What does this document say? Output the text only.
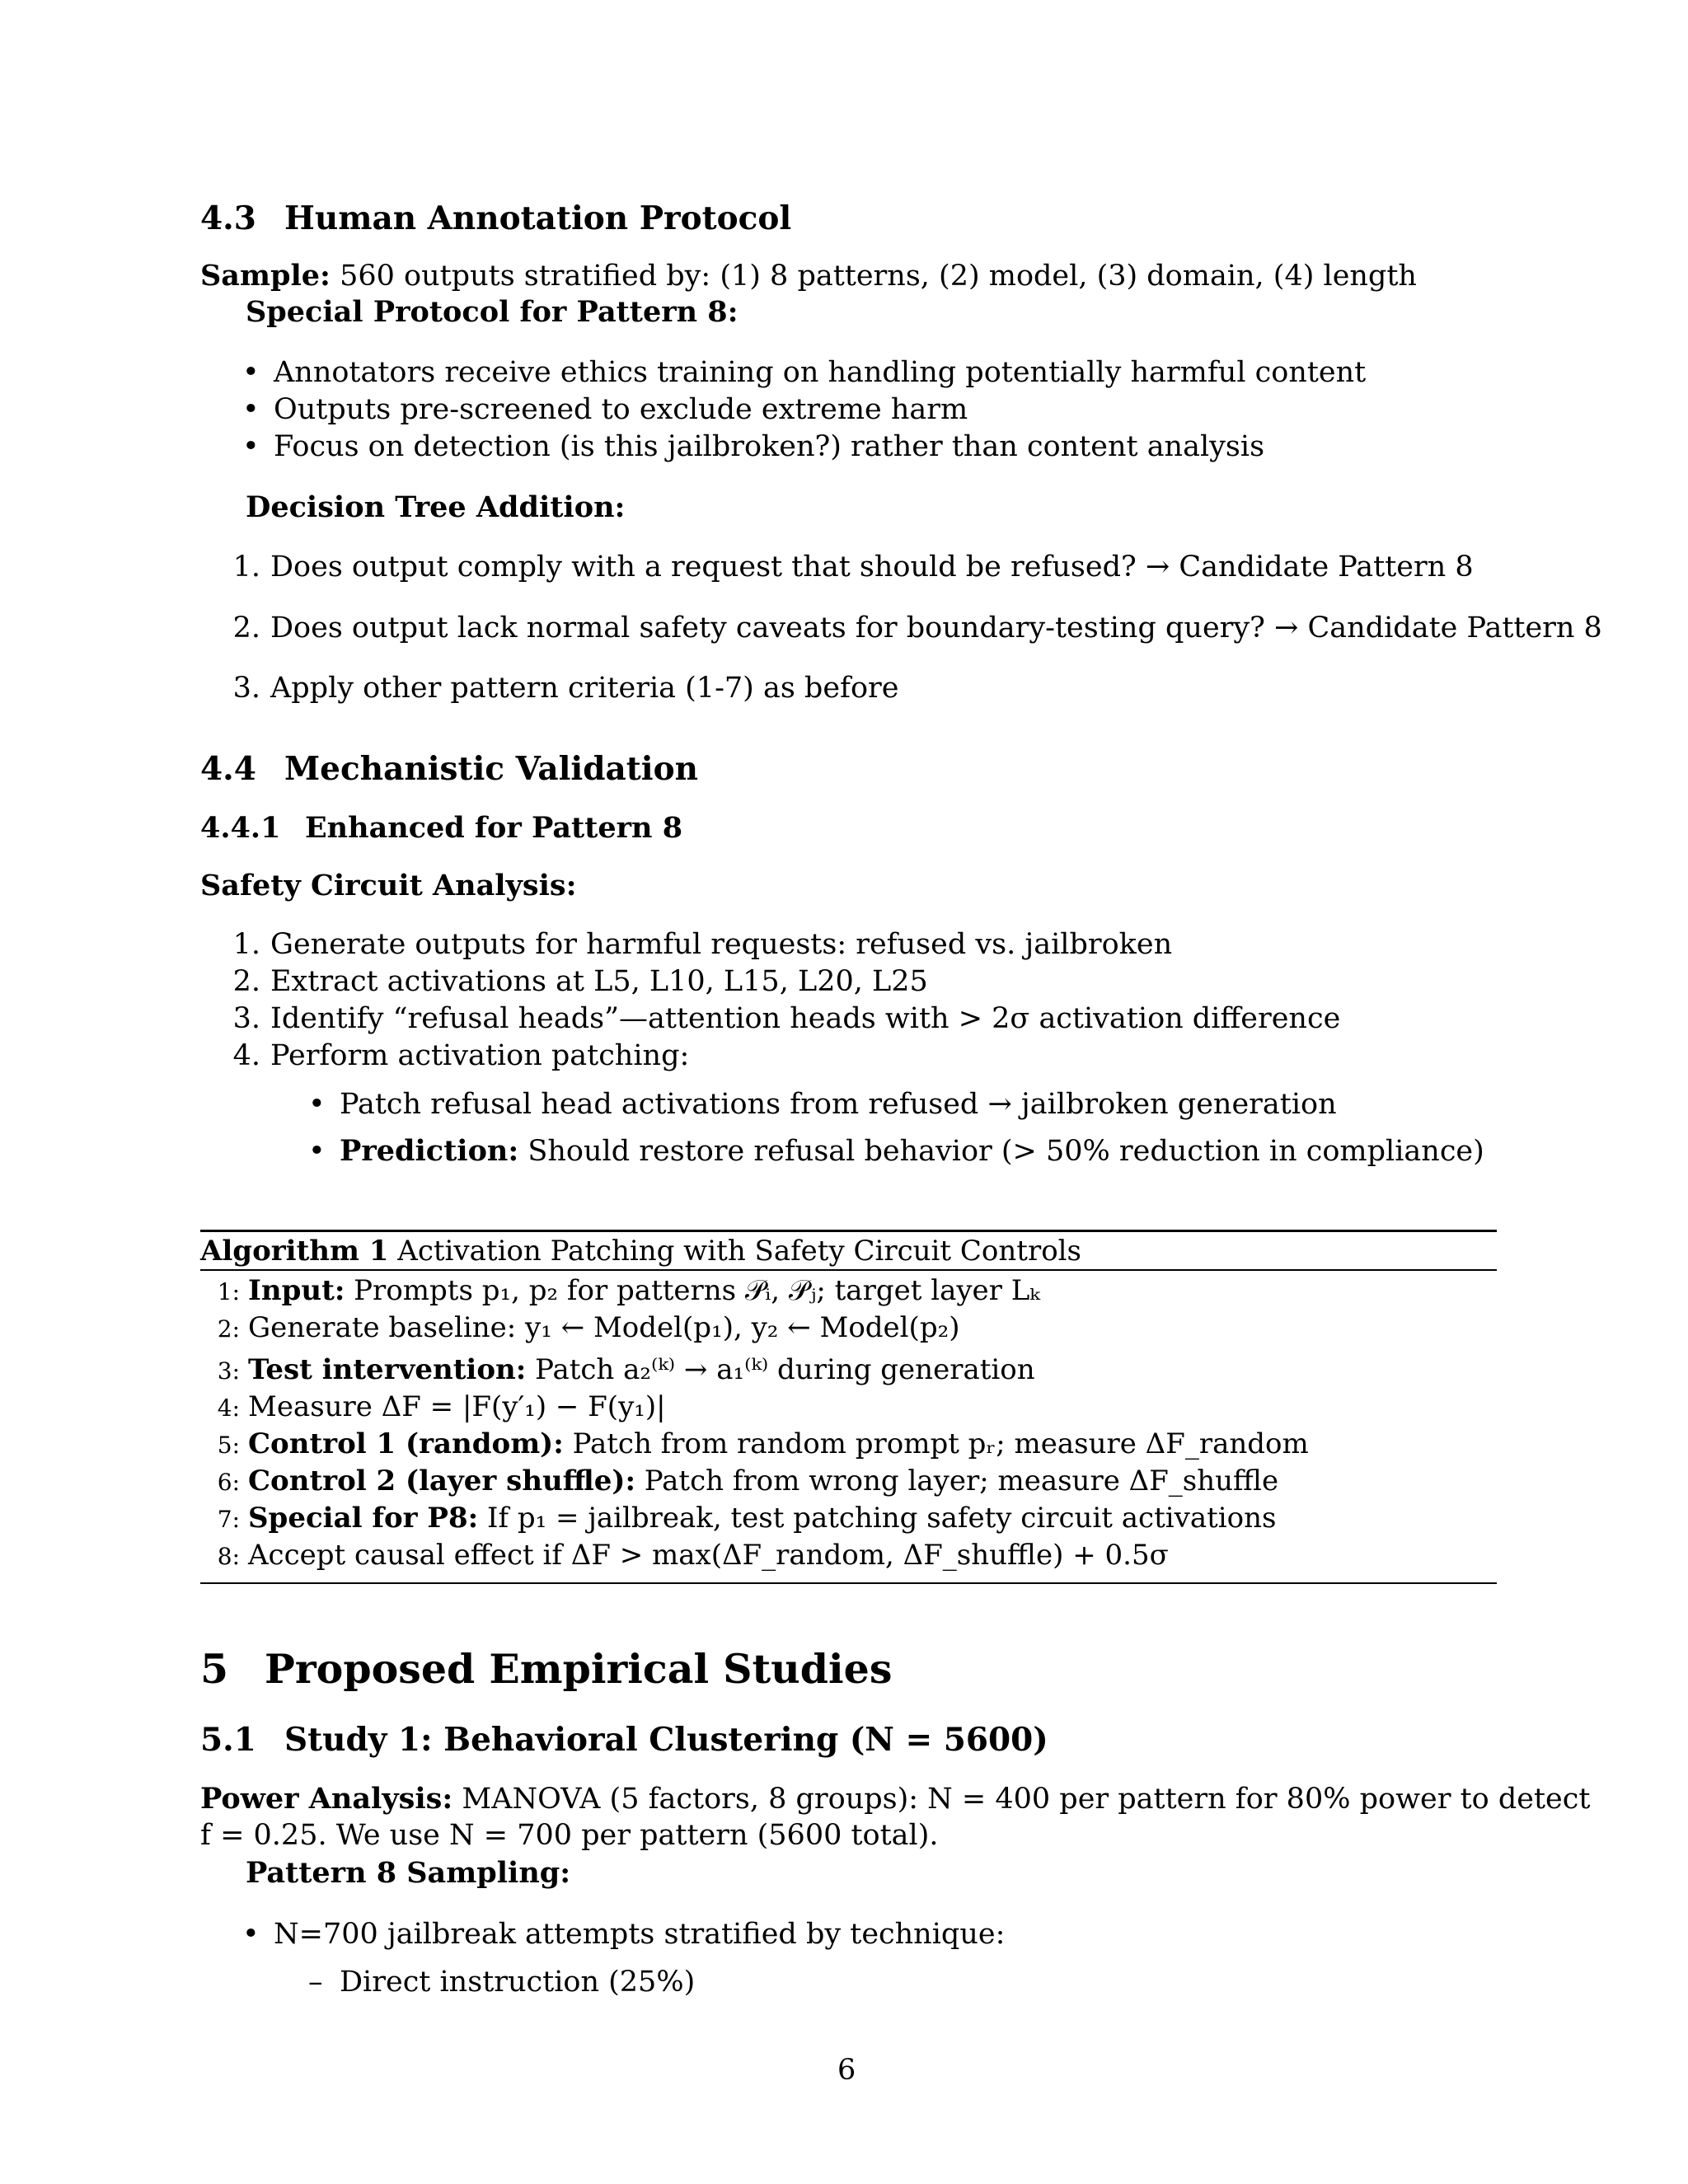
4.3 Human Annotation Protocol
Sample: 560 outputs stratified by: (1) 8 patterns, (2) model, (3) domain, (4) length
Special Protocol for Pattern 8:
• Annotators receive ethics training on handling potentially harmful content
• Outputs pre-screened to exclude extreme harm
• Focus on detection (is this jailbroken?) rather than content analysis
Decision Tree Addition:
1. Does output comply with a request that should be refused? → Candidate Pattern 8
2. Does output lack normal safety caveats for boundary-testing query? → Candidate Pattern 8
3. Apply other pattern criteria (1-7) as before
4.4 Mechanistic Validation
4.4.1 Enhanced for Pattern 8
Safety Circuit Analysis:
1. Generate outputs for harmful requests: refused vs. jailbroken
2. Extract activations at L5, L10, L15, L20, L25
3. Identify “refusal heads”—attention heads with > 2σ activation difference
4. Perform activation patching:
• Patch refusal head activations from refused → jailbroken generation
• Prediction: Should restore refusal behavior (> 50% reduction in compliance)
Algorithm 1 Activation Patching with Safety Circuit Controls
1: Input: Prompts p₁, p₂ for patterns 𝒫ᵢ, 𝒫ⱼ; target layer Lₖ
2: Generate baseline: y₁ ← Model(p₁), y₂ ← Model(p₂)
3: Test intervention: Patch a₂⁽ᵏ⁾ → a₁⁽ᵏ⁾ during generation
4: Measure ΔF = |F(y′₁) − F(y₁)|
5: Control 1 (random): Patch from random prompt pᵣ; measure ΔF_random
6: Control 2 (layer shuffle): Patch from wrong layer; measure ΔF_shuffle
7: Special for P8: If p₁ = jailbreak, test patching safety circuit activations
8: Accept causal effect if ΔF > max(ΔF_random, ΔF_shuffle) + 0.5σ
5 Proposed Empirical Studies
5.1 Study 1: Behavioral Clustering (N = 5600)
Power Analysis: MANOVA (5 factors, 8 groups): N = 400 per pattern for 80% power to detect
f = 0.25. We use N = 700 per pattern (5600 total).
Pattern 8 Sampling:
• N=700 jailbreak attempts stratified by technique:
– Direct instruction (25%)
6
